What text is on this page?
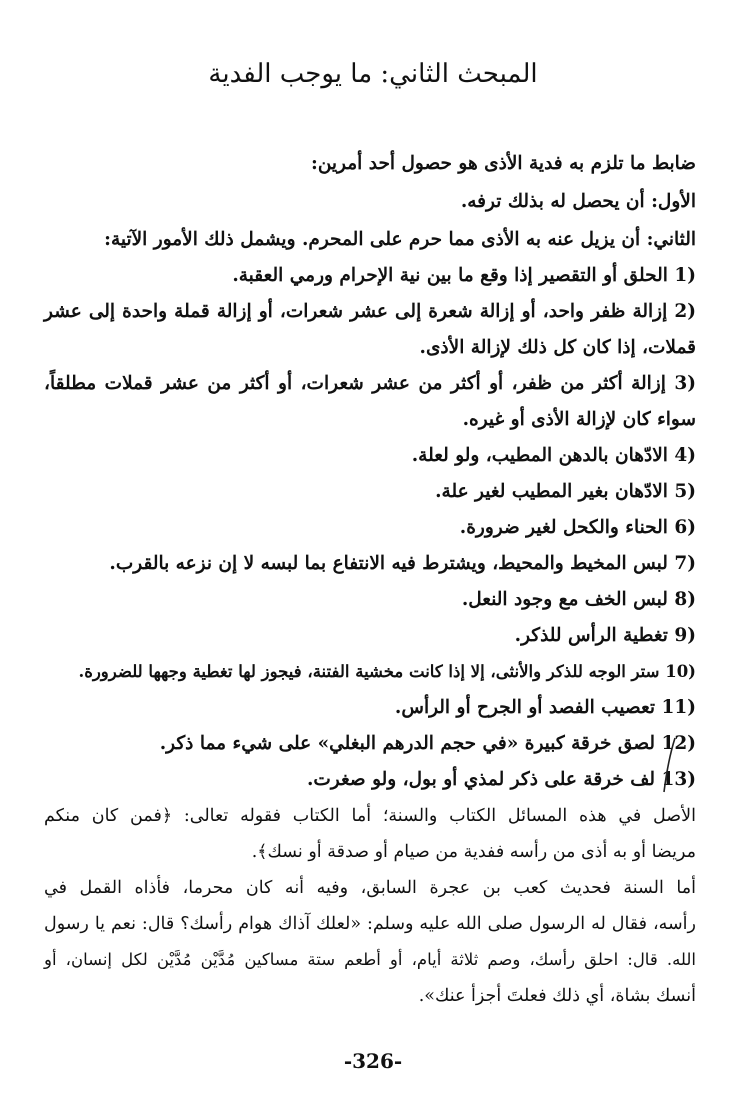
المبحث الثاني: ما يوجب الفدية
ضابط ما تلزم به فدية الأذى هو حصول أحد أمرين:
الأول: أن يحصل له بذلك ترفه.
الثاني: أن يزيل عنه به الأذى مما حرم على المحرم. ويشمل ذلك الأمور الآتية:
1) الحلق أو التقصير إذا وقع ما بين نية الإحرام ورمي العقبة.
2) إزالة ظفر واحد، أو إزالة شعرة إلى عشر شعرات، أو إزالة قملة واحدة إلى عشر
قملات، إذا كان كل ذلك لإزالة الأذى.
3) إزالة أكثر من ظفر، أو أكثر من عشر شعرات، أو أكثر من عشر قملات مطلقاً،
سواء كان لإزالة الأذى أو غيره.
4) الادّهان بالدهن المطيب، ولو لعلة.
5) الادّهان بغير المطيب لغير علة.
6) الحناء والكحل لغير ضرورة.
7) لبس المخيط والمحيط، ويشترط فيه الانتفاع بما لبسه لا إن نزعه بالقرب.
8) لبس الخف مع وجود النعل.
9) تغطية الرأس للذكر.
10) ستر الوجه للذكر والأنثى، إلا إذا كانت مخشية الفتنة، فيجوز لها تغطية وجهها للضرورة.
11) تعصيب الفصد أو الجرح أو الرأس.
12) لصق خرقة كبيرة «في حجم الدرهم البغلي» على شيء مما ذكر.
13) لف خرقة على ذكر لمذي أو بول، ولو صغرت.
الأصل في هذه المسائل الكتاب والسنة؛ أما الكتاب فقوله تعالى: ﴿فمن كان منكم
مريضا أو به أذى من رأسه ففدية من صيام أو صدقة أو نسك﴾.
أما السنة فحديث كعب بن عجرة السابق، وفيه أنه كان محرما، فأذاه القمل في
رأسه، فقال له الرسول صلى الله عليه وسلم: «لعلك آذاك هوام رأسك؟ قال: نعم يا رسول
الله. قال: احلق رأسك، وصم ثلاثة أيام، أو أطعم ستة مساكين مُدَّيْن مُدَّيْن لكل إنسان، أو
أنسك بشاة، أي ذلك فعلتَ أجزأ عنك».
-326-
